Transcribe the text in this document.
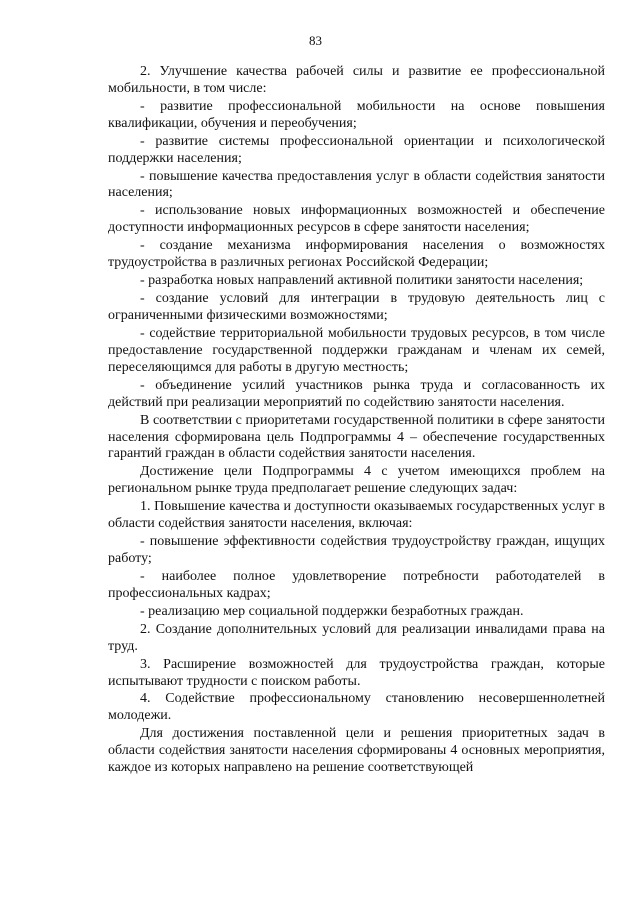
83

2. Улучшение качества рабочей силы и развитие ее профессиональной мобильности, в том числе:

- развитие профессиональной мобильности на основе повышения квалификации, обучения и переобучения;

- развитие системы профессиональной ориентации и психологической поддержки населения;

- повышение качества предоставления услуг в области содействия занятости населения;

- использование новых информационных возможностей и обеспечение доступности информационных ресурсов в сфере занятости населения;

- создание механизма информирования населения о возможностях трудоустройства в различных регионах Российской Федерации;

- разработка новых направлений активной политики занятости населения;

- создание условий для интеграции в трудовую деятельность лиц с ограниченными физическими возможностями;

- содействие территориальной мобильности трудовых ресурсов, в том числе предоставление государственной поддержки гражданам и членам их семей, переселяющимся для работы в другую местность;

- объединение усилий участников рынка труда и согласованность их действий при реализации мероприятий по содействию занятости населения.

В соответствии с приоритетами государственной политики в сфере занятости населения сформирована цель Подпрограммы 4 – обеспечение государственных гарантий граждан в области содействия занятости населения.

Достижение цели Подпрограммы 4 с учетом имеющихся проблем на региональном рынке труда предполагает решение следующих задач:

1. Повышение качества и доступности оказываемых государственных услуг в области содействия занятости населения, включая:

- повышение эффективности содействия трудоустройству граждан, ищущих работу;

- наиболее полное удовлетворение потребности работодателей в профессиональных кадрах;

- реализацию мер социальной поддержки безработных граждан.

2. Создание дополнительных условий для реализации инвалидами права на труд.

3. Расширение возможностей для трудоустройства граждан, которые испытывают трудности с поиском работы.

4. Содействие профессиональному становлению несовершеннолетней молодежи.

Для достижения поставленной цели и решения приоритетных задач в области содействия занятости населения сформированы 4 основных мероприятия, каждое из которых направлено на решение соответствующей
